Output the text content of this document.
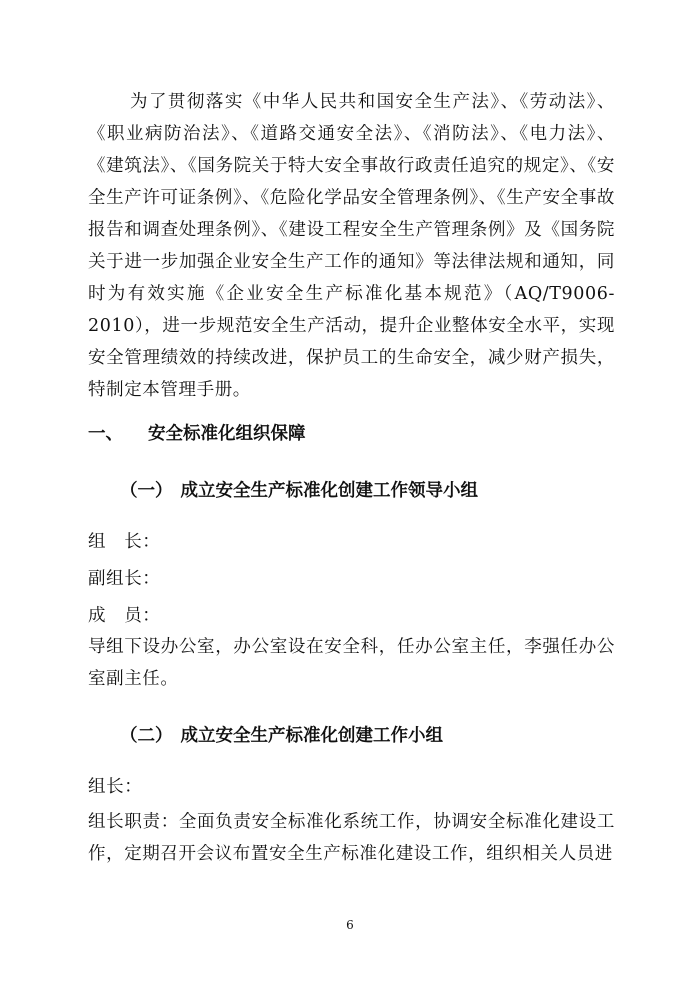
为了贯彻落实《中华人民共和国安全生产法》、《劳动法》、《职业病防治法》、《道路交通安全法》、《消防法》、《电力法》、《建筑法》、《国务院关于特大安全事故行政责任追究的规定》、《安全生产许可证条例》、《危险化学品安全管理条例》、《生产安全事故报告和调查处理条例》、《建设工程安全生产管理条例》及《国务院关于进一步加强企业安全生产工作的通知》等法律法规和通知，同时为有效实施《企业安全生产标准化基本规范》（AQ/T9006-2010），进一步规范安全生产活动，提升企业整体安全水平，实现安全管理绩效的持续改进，保护员工的生命安全，减少财产损失，特制定本管理手册。

一、 安全标准化组织保障
（一） 成立安全生产标准化创建工作领导小组

组　长：

副组长：

成　员：

导组下设办公室，办公室设在安全科，任办公室主任，李强任办公室副主任。

（二） 成立安全生产标准化创建工作小组

组长：

组长职责：全面负责安全标准化系统工作，协调安全标准化建设工作，定期召开会议布置安全生产标准化建设工作，组织相关人员进

6
